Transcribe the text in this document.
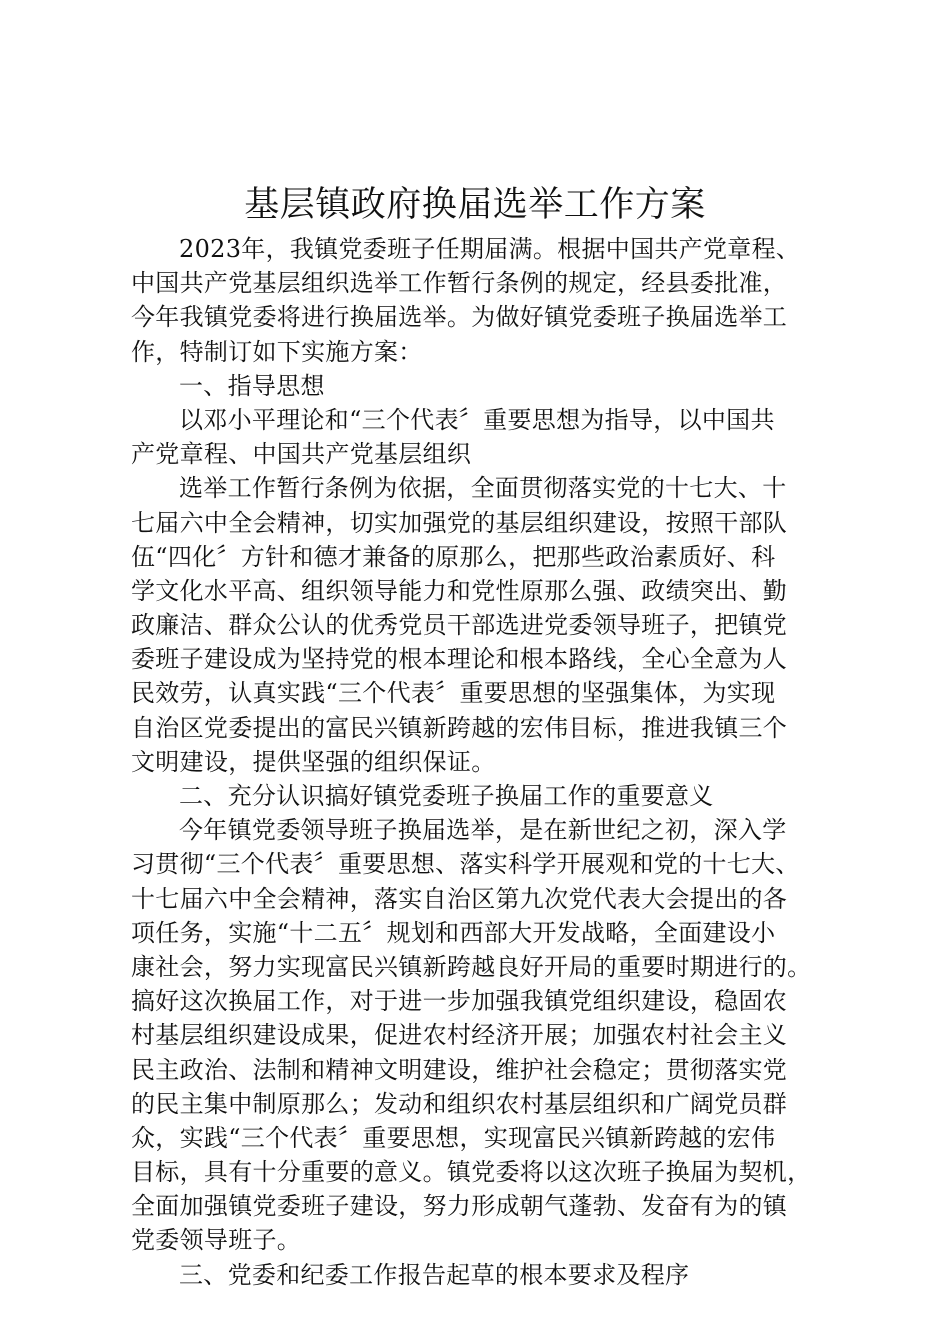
基层镇政府换届选举工作方案
2023年，我镇党委班子任期届满。根据中国共产党章程、
中国共产党基层组织选举工作暂行条例的规定，经县委批准，
今年我镇党委将进行换届选举。为做好镇党委班子换届选举工
作，特制订如下实施方案：
一、指导思想
以邓小平理论和“三个代表〞重要思想为指导，以中国共
产党章程、中国共产党基层组织
选举工作暂行条例为依据，全面贯彻落实党的十七大、十
七届六中全会精神，切实加强党的基层组织建设，按照干部队
伍“四化〞方针和德才兼备的原那么，把那些政治素质好、科
学文化水平高、组织领导能力和党性原那么强、政绩突出、勤
政廉洁、群众公认的优秀党员干部选进党委领导班子，把镇党
委班子建设成为坚持党的根本理论和根本路线，全心全意为人
民效劳，认真实践“三个代表〞重要思想的坚强集体，为实现
自治区党委提出的富民兴镇新跨越的宏伟目标，推进我镇三个
文明建设，提供坚强的组织保证。
二、充分认识搞好镇党委班子换届工作的重要意义
今年镇党委领导班子换届选举，是在新世纪之初，深入学
习贯彻“三个代表〞重要思想、落实科学开展观和党的十七大、
十七届六中全会精神，落实自治区第九次党代表大会提出的各
项任务，实施“十二五〞规划和西部大开发战略，全面建设小
康社会，努力实现富民兴镇新跨越良好开局的重要时期进行的。
搞好这次换届工作，对于进一步加强我镇党组织建设，稳固农
村基层组织建设成果，促进农村经济开展；加强农村社会主义
民主政治、法制和精神文明建设，维护社会稳定；贯彻落实党
的民主集中制原那么；发动和组织农村基层组织和广阔党员群
众，实践“三个代表〞重要思想，实现富民兴镇新跨越的宏伟
目标，具有十分重要的意义。镇党委将以这次班子换届为契机，
全面加强镇党委班子建设，努力形成朝气蓬勃、发奋有为的镇
党委领导班子。
三、党委和纪委工作报告起草的根本要求及程序
